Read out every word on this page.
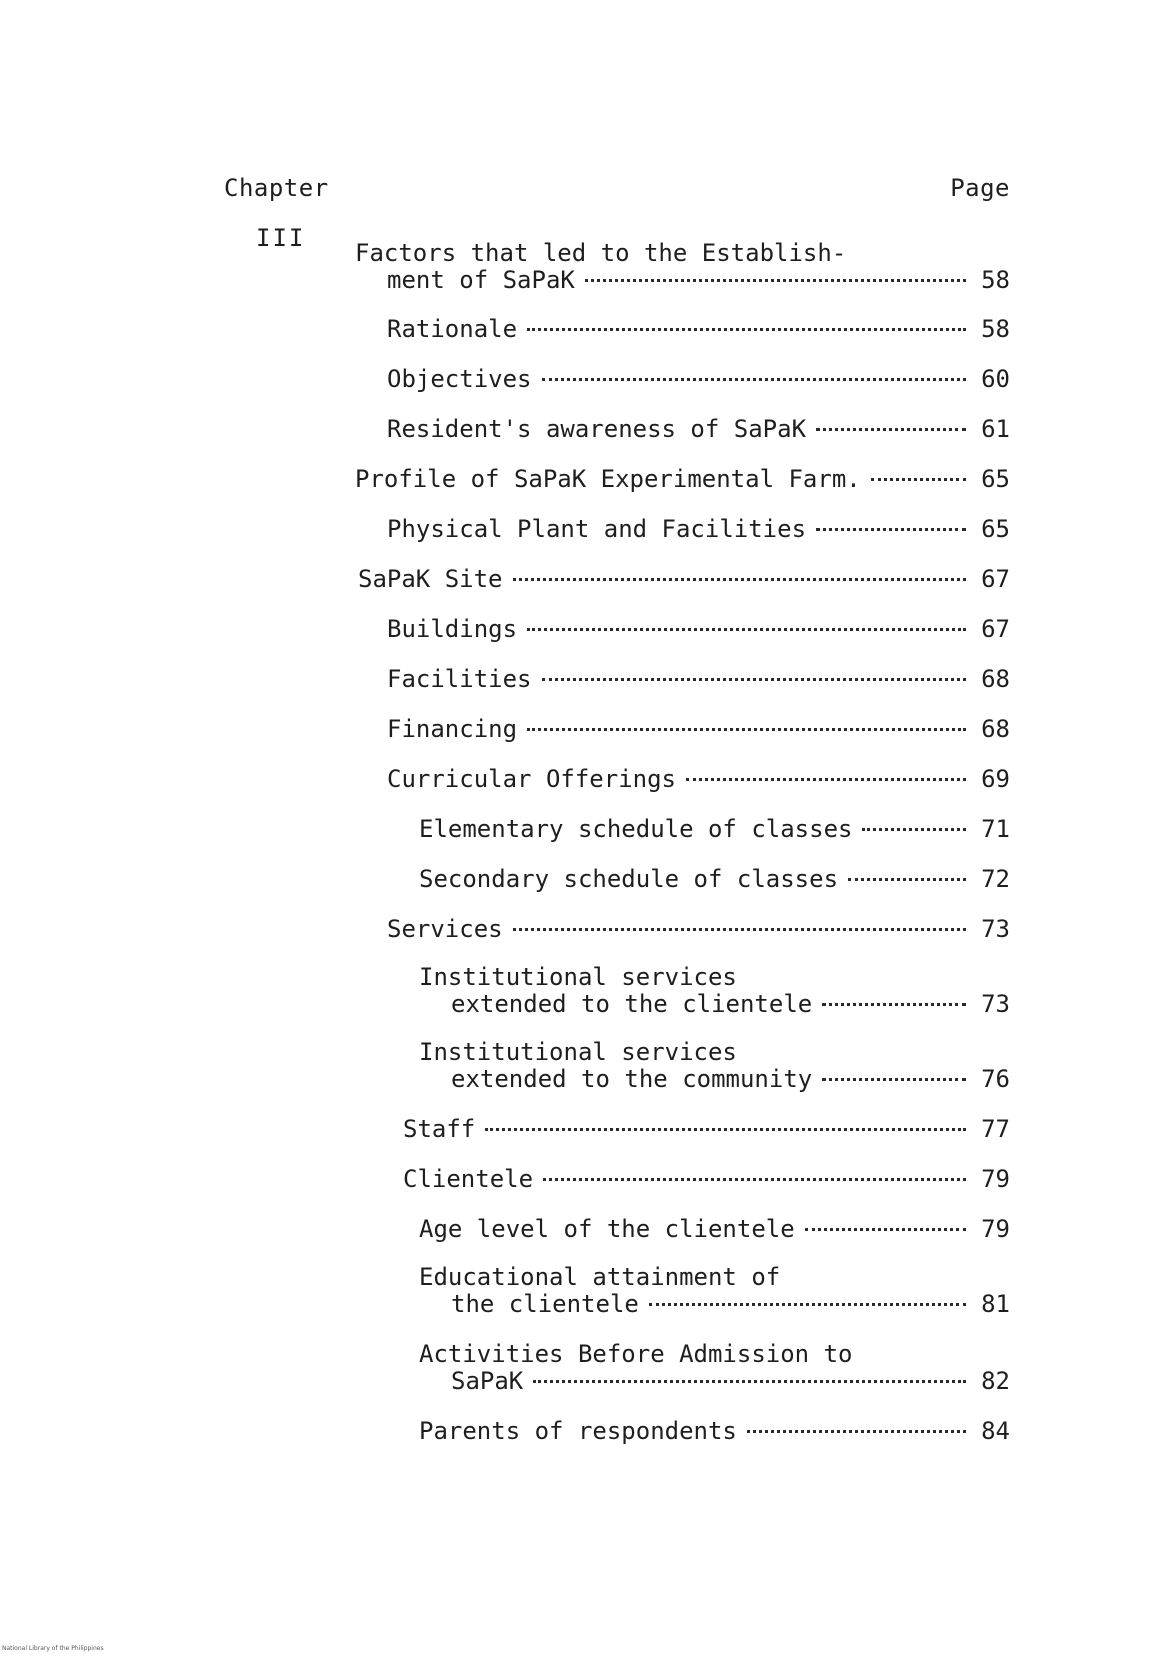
Chapter	Page
III
Factors that led to the Establish-
ment of SaPaK	58
Rationale	58
Objectives	60
Resident's awareness of SaPaK	61
Profile of SaPaK Experimental Farm.	65
Physical Plant and Facilities	65
SaPaK Site	67
Buildings	67
Facilities	68
Financing	68
Curricular Offerings	69
Elementary schedule of classes	71
Secondary schedule of classes	72
Services	73
Institutional services
extended to the clientele	73
Institutional services
extended to the community	76
Staff	77
Clientele	79
Age level of the clientele	79
Educational attainment of
the clientele	81
Activities Before Admission to
SaPaK	82
Parents of respondents	84
National Library of the Philippines
